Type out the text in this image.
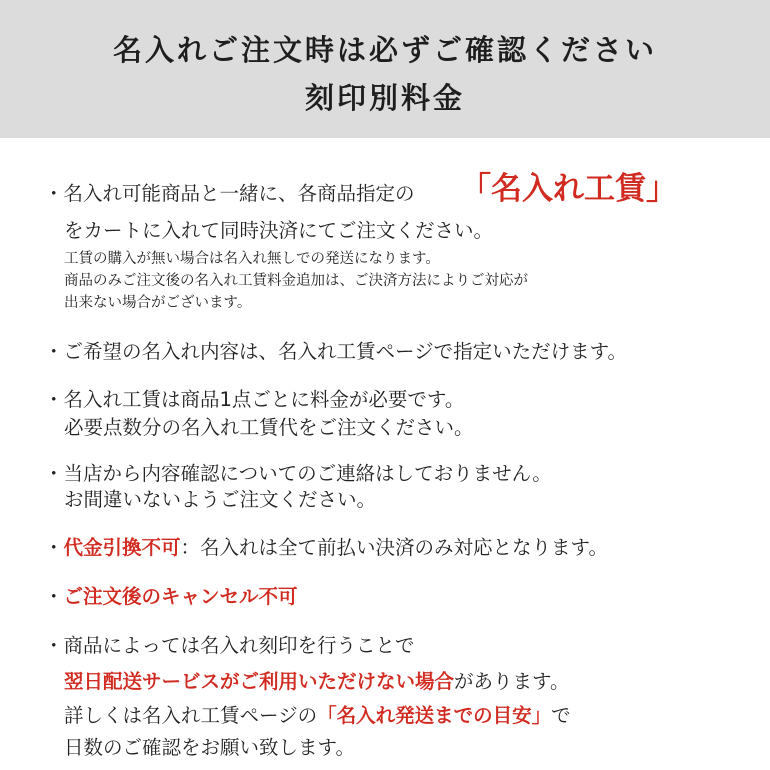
名入れご注文時は必ずご確認ください
刻印別料金
・名入れ可能商品と一緒に、各商品指定の 「名入れ工賃」
をカートに入れて同時決済にてご注文ください。
工賃の購入が無い場合は名入れ無しでの発送になります。
商品のみご注文後の名入れ工賃料金追加は、ご決済方法によりご対応が
出来ない場合がございます。
・ご希望の名入れ内容は、名入れ工賃ページで指定いただけます。
・名入れ工賃は商品1点ごとに料金が必要です。
必要点数分の名入れ工賃代をご注文ください。
・当店から内容確認についてのご連絡はしておりません。
お間違いないようご注文ください。
・代金引換不可：名入れは全て前払い決済のみ対応となります。
・ご注文後のキャンセル不可
・商品によっては名入れ刻印を行うことで
翌日配送サービスがご利用いただけない場合があります。
詳しくは名入れ工賃ページの「名入れ発送までの目安」で
日数のご確認をお願い致します。
